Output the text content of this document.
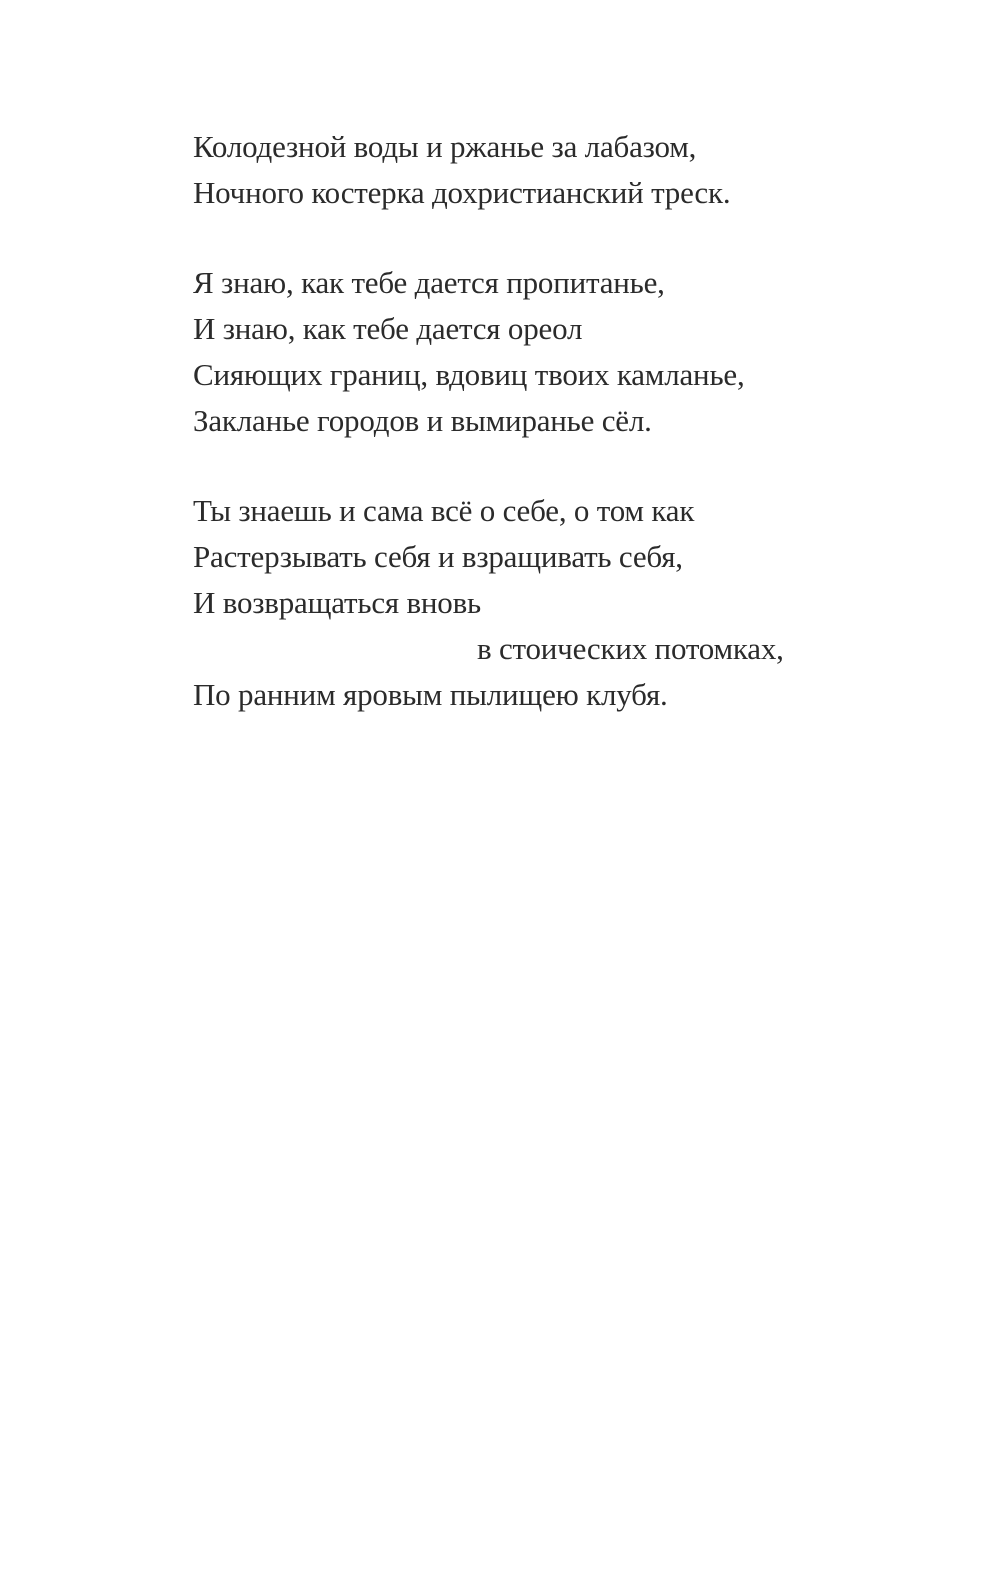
Колодезной воды и ржанье за лабазом,
Ночного костерка дохристианский треск.
Я знаю, как тебе дается пропитанье,
И знаю, как тебе дается ореол
Сияющих границ, вдовиц твоих камланье,
Закланье городов и вымиранье сёл.
Ты знаешь и сама всё о себе, о том как
Растерзывать себя и взращивать себя,
И возвращаться вновь
в стоических потомках,
По ранним яровым пылищею клубя.
